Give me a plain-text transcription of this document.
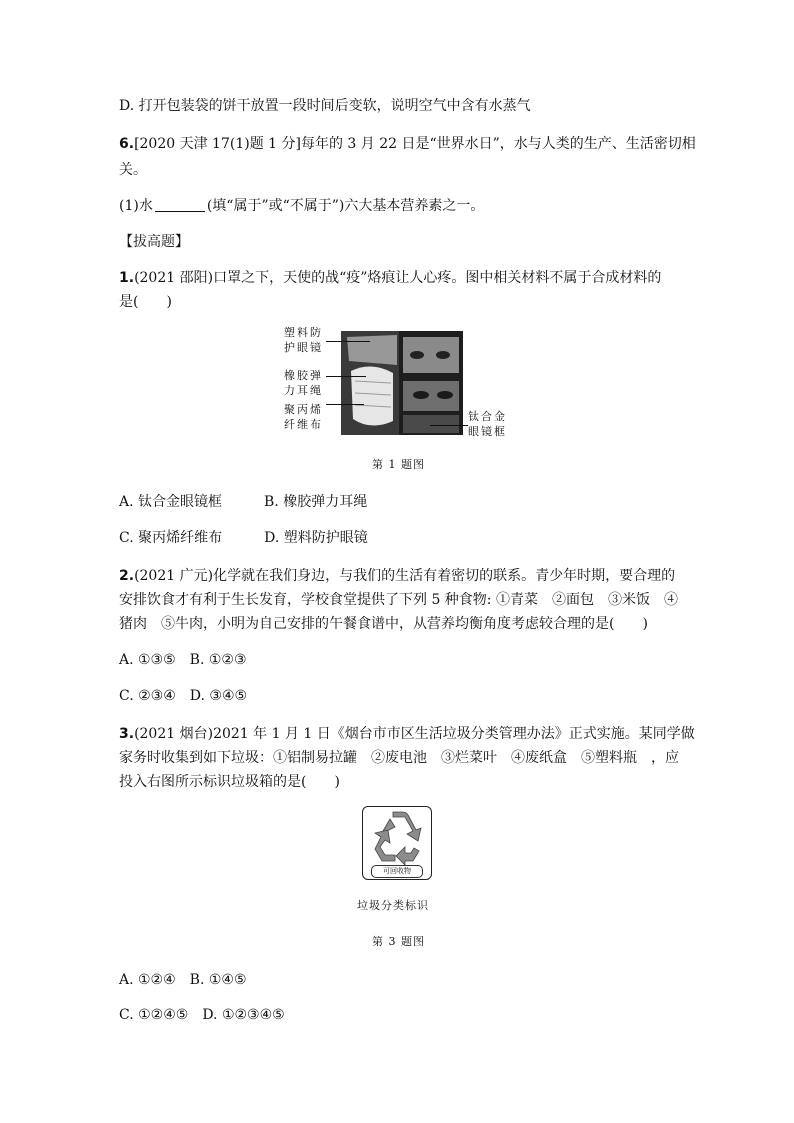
D. 打开包装袋的饼干放置一段时间后变软，说明空气中含有水蒸气
6.[2020 天津 17(1)题 1 分]每年的 3 月 22 日是“世界水日”，水与人类的生产、生活密切相
关。
(1)水	(填“属于”或“不属于”)六大基本营养素之一。
【拔高题】
1.(2021 邵阳)口罩之下，天使的战“疫”烙痕让人心疼。图中相关材料不属于合成材料的
是(　　)
塑料防
护眼镜
橡胶弹
力耳绳
聚丙烯
纤维布
钛合金
眼镜框
第 1 题图
A. 钛合金眼镜框　　　B. 橡胶弹力耳绳
C. 聚丙烯纤维布　　　D. 塑料防护眼镜
2.(2021 广元)化学就在我们身边，与我们的生活有着密切的联系。青少年时期，要合理的
安排饮食才有利于生长发育，学校食堂提供了下列 5 种食物: ①青菜　②面包　③米饭　④
猪肉　⑤牛肉，小明为自己安排的午餐食谱中，从营养均衡角度考虑较合理的是(　　)
A. ①③⑤　B. ①②③
C. ②③④　D. ③④⑤
3.(2021 烟台)2021 年 1 月 1 日《烟台市市区生活垃圾分类管理办法》正式实施。某同学做
家务时收集到如下垃圾：①铝制易拉罐　②废电池　③烂菜叶　④废纸盒　⑤塑料瓶　，应
投入右图所示标识垃圾箱的是(　　)
可回收物
垃圾分类标识
第 3 题图
A. ①②④　B. ①④⑤
C. ①②④⑤　D. ①②③④⑤
